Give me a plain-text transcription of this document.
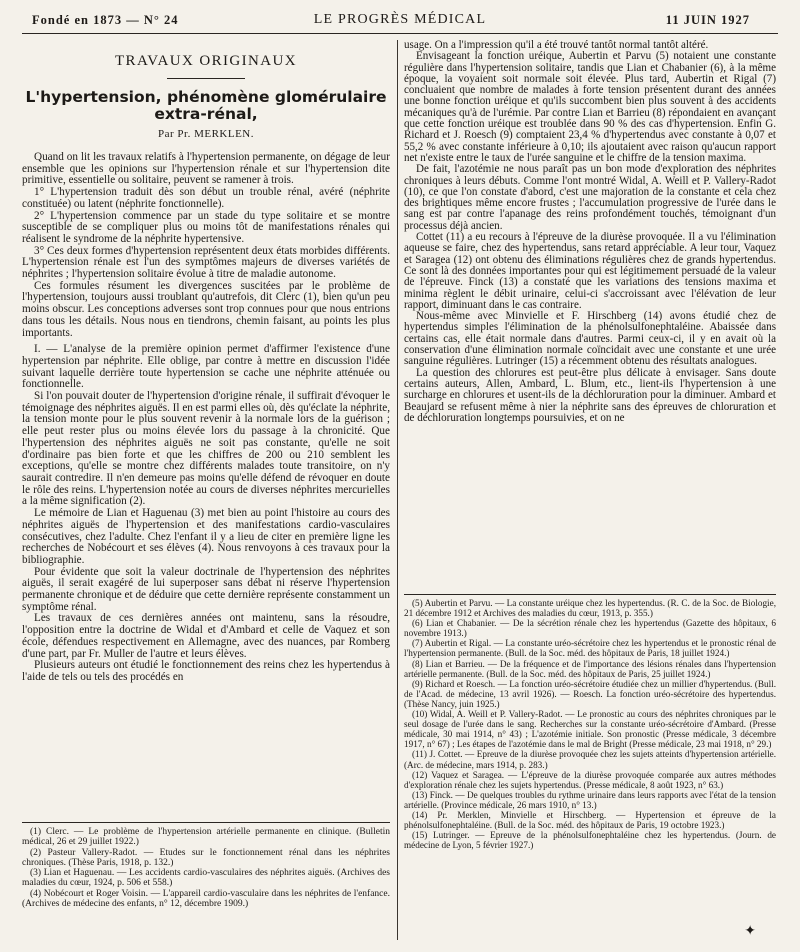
Fondé en 1873 — N° 24	LE PROGRÈS MÉDICAL	11 JUIN 1927
TRAVAUX ORIGINAUX
L'hypertension, phénomène glomérulaire extra-rénal,
Par Pr. MERKLEN.

Quand on lit les travaux relatifs à l'hypertension permanente, on dégage de leur ensemble que les opinions sur l'hypertension rénale et sur l'hypertension dite primitive, essentielle ou solitaire, peuvent se ramener à trois.

1° L'hypertension traduit dès son début un trouble rénal, avéré (néphrite constituée) ou latent (néphrite fonctionnelle).

2° L'hypertension commence par un stade du type solitaire et se montre susceptible de se compliquer plus ou moins tôt de manifestations rénales qui réalisent le syndrome de la néphrite hypertensive.

3° Ces deux formes d'hypertension représentent deux états morbides différents. L'hypertension rénale est l'un des symptômes majeurs de diverses variétés de néphrites ; l'hypertension solitaire évolue à titre de maladie autonome.

Ces formules résument les divergences suscitées par le problème de l'hypertension, toujours aussi troublant qu'autrefois, dit Clerc (1), bien qu'un peu moins obscur. Les conceptions adverses sont trop connues pour que nous entrions dans tous les détails. Nous nous en tiendrons, chemin faisant, au points les plus importants.

I. — L'analyse de la première opinion permet d'affirmer l'existence d'une hypertension par néphrite. Elle oblige, par contre à mettre en discussion l'idée suivant laquelle derrière toute hypertension se cache une néphrite atténuée ou fonctionnelle.

Si l'on pouvait douter de l'hypertension d'origine rénale, il suffirait d'évoquer le témoignage des néphrites aiguës. Il en est parmi elles où, dès qu'éclate la néphrite, la tension monte pour le plus souvent revenir à la normale lors de la guérison ; elle peut rester plus ou moins élevée lors du passage à la chronicité. Que l'hypertension des néphrites aiguës ne soit pas constante, qu'elle ne soit d'ordinaire pas bien forte et que les chiffres de 200 ou 210 semblent les exceptions, qu'elle se montre chez différents malades toute transitoire, on n'y saurait contredire. Il n'en demeure pas moins qu'elle défend de révoquer en doute le rôle des reins. L'hypertension notée au cours de diverses néphrites mercurielles a la même signification (2).

Le mémoire de Lian et Haguenau (3) met bien au point l'histoire au cours des néphrites aiguës de l'hypertension et des manifestations cardio-vasculaires consécutives, chez l'adulte. Chez l'enfant il y a lieu de citer en première ligne les recherches de Nobécourt et ses élèves (4). Nous renvoyons à ces travaux pour la bibliographie.

Pour évidente que soit la valeur doctrinale de l'hypertension des néphrites aiguës, il serait exagéré de lui superposer sans débat ni réserve l'hypertension permanente chronique et de déduire que cette dernière représente constamment un symptôme rénal.

Les travaux de ces dernières années ont maintenu, sans la résoudre, l'opposition entre la doctrine de Widal et d'Ambard et celle de Vaquez et son école, défendues respectivement en Allemagne, avec des nuances, par Romberg d'une part, par Fr. Muller de l'autre et leurs élèves.

Plusieurs auteurs ont étudié le fonctionnement des reins chez les hypertendus à l'aide de tels ou tels des procédés en

(1) Clerc. — Le problème de l'hypertension artérielle permanente en clinique. (Bulletin médical, 26 et 29 juillet 1922.)

(2) Pasteur Vallery-Radot. — Etudes sur le fonctionnement rénal dans les néphrites chroniques. (Thèse Paris, 1918, p. 132.)

(3) Lian et Haguenau. — Les accidents cardio-vasculaires des néphrites aiguës. (Archives des maladies du cœur, 1924, p. 506 et 558.)

(4) Nobécourt et Roger Voisin. — L'appareil cardio-vasculaire dans les néphrites de l'enfance. (Archives de médecine des enfants, n° 12, décembre 1909.)

usage. On a l'impression qu'il a été trouvé tantôt normal tantôt altéré.

Envisageant la fonction uréique, Aubertin et Parvu (5) notaient une constante régulière dans l'hypertension solitaire, tandis que Lian et Chabanier (6), à la même époque, la voyaient soit normale soit élevée. Plus tard, Aubertin et Rigal (7) concluaient que nombre de malades à forte tension présentent durant des années une bonne fonction uréique et qu'ils succombent bien plus souvent à des accidents mécaniques qu'à de l'urémie. Par contre Lian et Barrieu (8) répondaient en avançant que cette fonction uréique est troublée dans 90 % des cas d'hypertension. Enfin G. Richard et J. Roesch (9) comptaient 23,4 % d'hypertendus avec constante à 0,07 et 55,2 % avec constante inférieure à 0,10; ils ajoutaient avec raison qu'aucun rapport net n'existe entre le taux de l'urée sanguine et le chiffre de la tension maxima.

De fait, l'azotémie ne nous paraît pas un bon mode d'exploration des néphrites chroniques à leurs débuts. Comme l'ont montré Widal, A. Weill et P. Vallery-Radot (10), ce que l'on constate d'abord, c'est une majoration de la constante et cela chez des brightiques même encore frustes ; l'accumulation progressive de l'urée dans le sang est par contre l'apanage des reins profondément touchés, témoignant d'un processus déjà ancien.

Cottet (11) a eu recours à l'épreuve de la diurèse provoquée. Il a vu l'élimination aqueuse se faire, chez des hypertendus, sans retard appréciable. A leur tour, Vaquez et Saragea (12) ont obtenu des éliminations régulières chez de grands hypertendus. Ce sont là des données importantes pour qui est légitimement persuadé de la valeur de l'épreuve. Finck (13) a constaté que les variations des tensions maxima et minima règlent le débit urinaire, celui-ci s'accroissant avec l'élévation de leur rapport, diminuant dans le cas contraire.

Nous-même avec Minvielle et F. Hirschberg (14) avons étudié chez de hypertendus simples l'élimination de la phénolsulfonephtaléine. Abaissée dans certains cas, elle était normale dans d'autres. Parmi ceux-ci, il y en avait où la conservation d'une élimination normale coïncidait avec une constante et une urée sanguine régulières. Lutringer (15) a récemment obtenu des résultats analogues.

La question des chlorures est peut-être plus délicate à envisager. Sans doute certains auteurs, Allen, Ambard, L. Blum, etc., lient-ils l'hypertension à une surcharge en chlorures et usent-ils de la déchloruration pour la diminuer. Ambard et Beaujard se refusent même à nier la néphrite sans des épreuves de chloruration et de déchloruration longtemps poursuivies, et on ne

(5) Aubertin et Parvu. — La constante uréique chez les hypertendus. (R. C. de la Soc. de Biologie, 21 décembre 1912 et Archives des maladies du cœur, 1913, p. 355.)

(6) Lian et Chabanier. — De la sécrétion rénale chez les hypertendus (Gazette des hôpitaux, 6 novembre 1913.)

(7) Aubertin et Rigal. — La constante uréo-sécrétoire chez les hypertendus et le pronostic rénal de l'hypertension permanente. (Bull. de la Soc. méd. des hôpitaux de Paris, 18 juillet 1924.)

(8) Lian et Barrieu. — De la fréquence et de l'importance des lésions rénales dans l'hypertension artérielle permanente. (Bull. de la Soc. méd. des hôpitaux de Paris, 25 juillet 1924.)

(9) Richard et Roesch. — La fonction uréo-sécrétoire étudiée chez un millier d'hypertendus. (Bull. de l'Acad. de médecine, 13 avril 1926). — Roesch. La fonction uréo-sécrétoire des hypertendus. (Thèse Nancy, juin 1925.)

(10) Widal, A. Weill et P. Vallery-Radot. — Le pronostic au cours des néphrites chroniques par le seul dosage de l'urée dans le sang. Recherches sur la constante uréo-sécrétoire d'Ambard. (Presse médicale, 30 mai 1914, n° 43) ; L'azotémie initiale. Son pronostic (Presse médicale, 3 décembre 1917, n° 67) ; Les étapes de l'azotémie dans le mal de Bright (Presse médicale, 23 mai 1918, n° 29.)

(11) J. Cottet. — Epreuve de la diurèse provoquée chez les sujets atteints d'hypertension artérielle. (Arc. de médecine, mars 1914, p. 283.)

(12) Vaquez et Saragea. — L'épreuve de la diurèse provoquée comparée aux autres méthodes d'exploration rénale chez les sujets hypertendus. (Presse médicale, 8 août 1923, n° 63.)

(13) Finck. — De quelques troubles du rythme urinaire dans leurs rapports avec l'état de la tension artérielle. (Province médicale, 26 mars 1910, n° 13.)

(14) Pr. Merklen, Minvielle et Hirschberg. — Hypertension et épreuve de la phénolsulfonephtaléine. (Bull. de la Soc. méd. des hôpitaux de Paris, 19 octobre 1923.)

(15) Lutringer. — Epreuve de la phénolsulfonephtaléine chez les hypertendus. (Journ. de médecine de Lyon, 5 février 1927.)

✦
